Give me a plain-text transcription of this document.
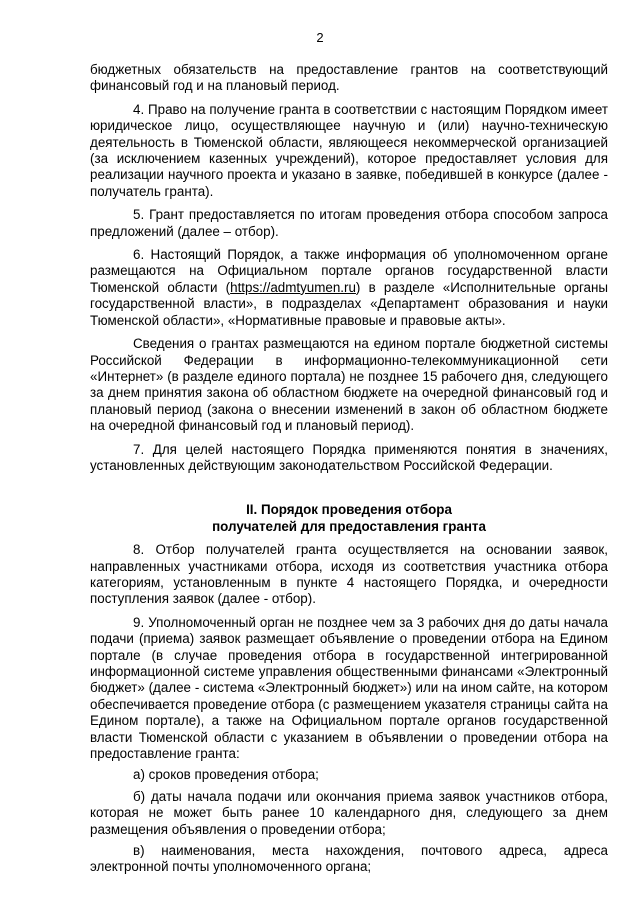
2

бюджетных обязательств на предоставление грантов на соответствующий финансовый год и на плановый период.

4. Право на получение гранта в соответствии с настоящим Порядком имеет юридическое лицо, осуществляющее научную и (или) научно-техническую деятельность в Тюменской области, являющееся некоммерческой организацией (за исключением казенных учреждений), которое предоставляет условия для реализации научного проекта и указано в заявке, победившей в конкурсе (далее - получатель гранта).

5. Грант предоставляется по итогам проведения отбора способом запроса предложений (далее – отбор).

6. Настоящий Порядок, а также информация об уполномоченном органе размещаются на Официальном портале органов государственной власти Тюменской области (https://admtyumen.ru) в разделе «Исполнительные органы государственной власти», в подразделах «Департамент образования и науки Тюменской области», «Нормативные правовые и правовые акты».

Сведения о грантах размещаются на едином портале бюджетной системы Российской Федерации в информационно-телекоммуникационной сети «Интернет» (в разделе единого портала) не позднее 15 рабочего дня, следующего за днем принятия закона об областном бюджете на очередной финансовый год и плановый период (закона о внесении изменений в закон об областном бюджете на очередной финансовый год и плановый период).

7. Для целей настоящего Порядка применяются понятия в значениях, установленных действующим законодательством Российской Федерации.

II. Порядок проведения отбора
получателей для предоставления гранта

8. Отбор получателей гранта осуществляется на основании заявок, направленных участниками отбора, исходя из соответствия участника отбора категориям, установленным в пункте 4 настоящего Порядка, и очередности поступления заявок (далее - отбор).

9. Уполномоченный орган не позднее чем за 3 рабочих дня до даты начала подачи (приема) заявок размещает объявление о проведении отбора на Едином портале (в случае проведения отбора в государственной интегрированной информационной системе управления общественными финансами «Электронный бюджет» (далее - система «Электронный бюджет») или на ином сайте, на котором обеспечивается проведение отбора (с размещением указателя страницы сайта на Едином портале), а также на Официальном портале органов государственной власти Тюменской области с указанием в объявлении о проведении отбора на предоставление гранта:

а) сроков проведения отбора;

б) даты начала подачи или окончания приема заявок участников отбора, которая не может быть ранее 10 календарного дня, следующего за днем размещения объявления о проведении отбора;

в) наименования, места нахождения, почтового адреса, адреса электронной почты уполномоченного органа;
